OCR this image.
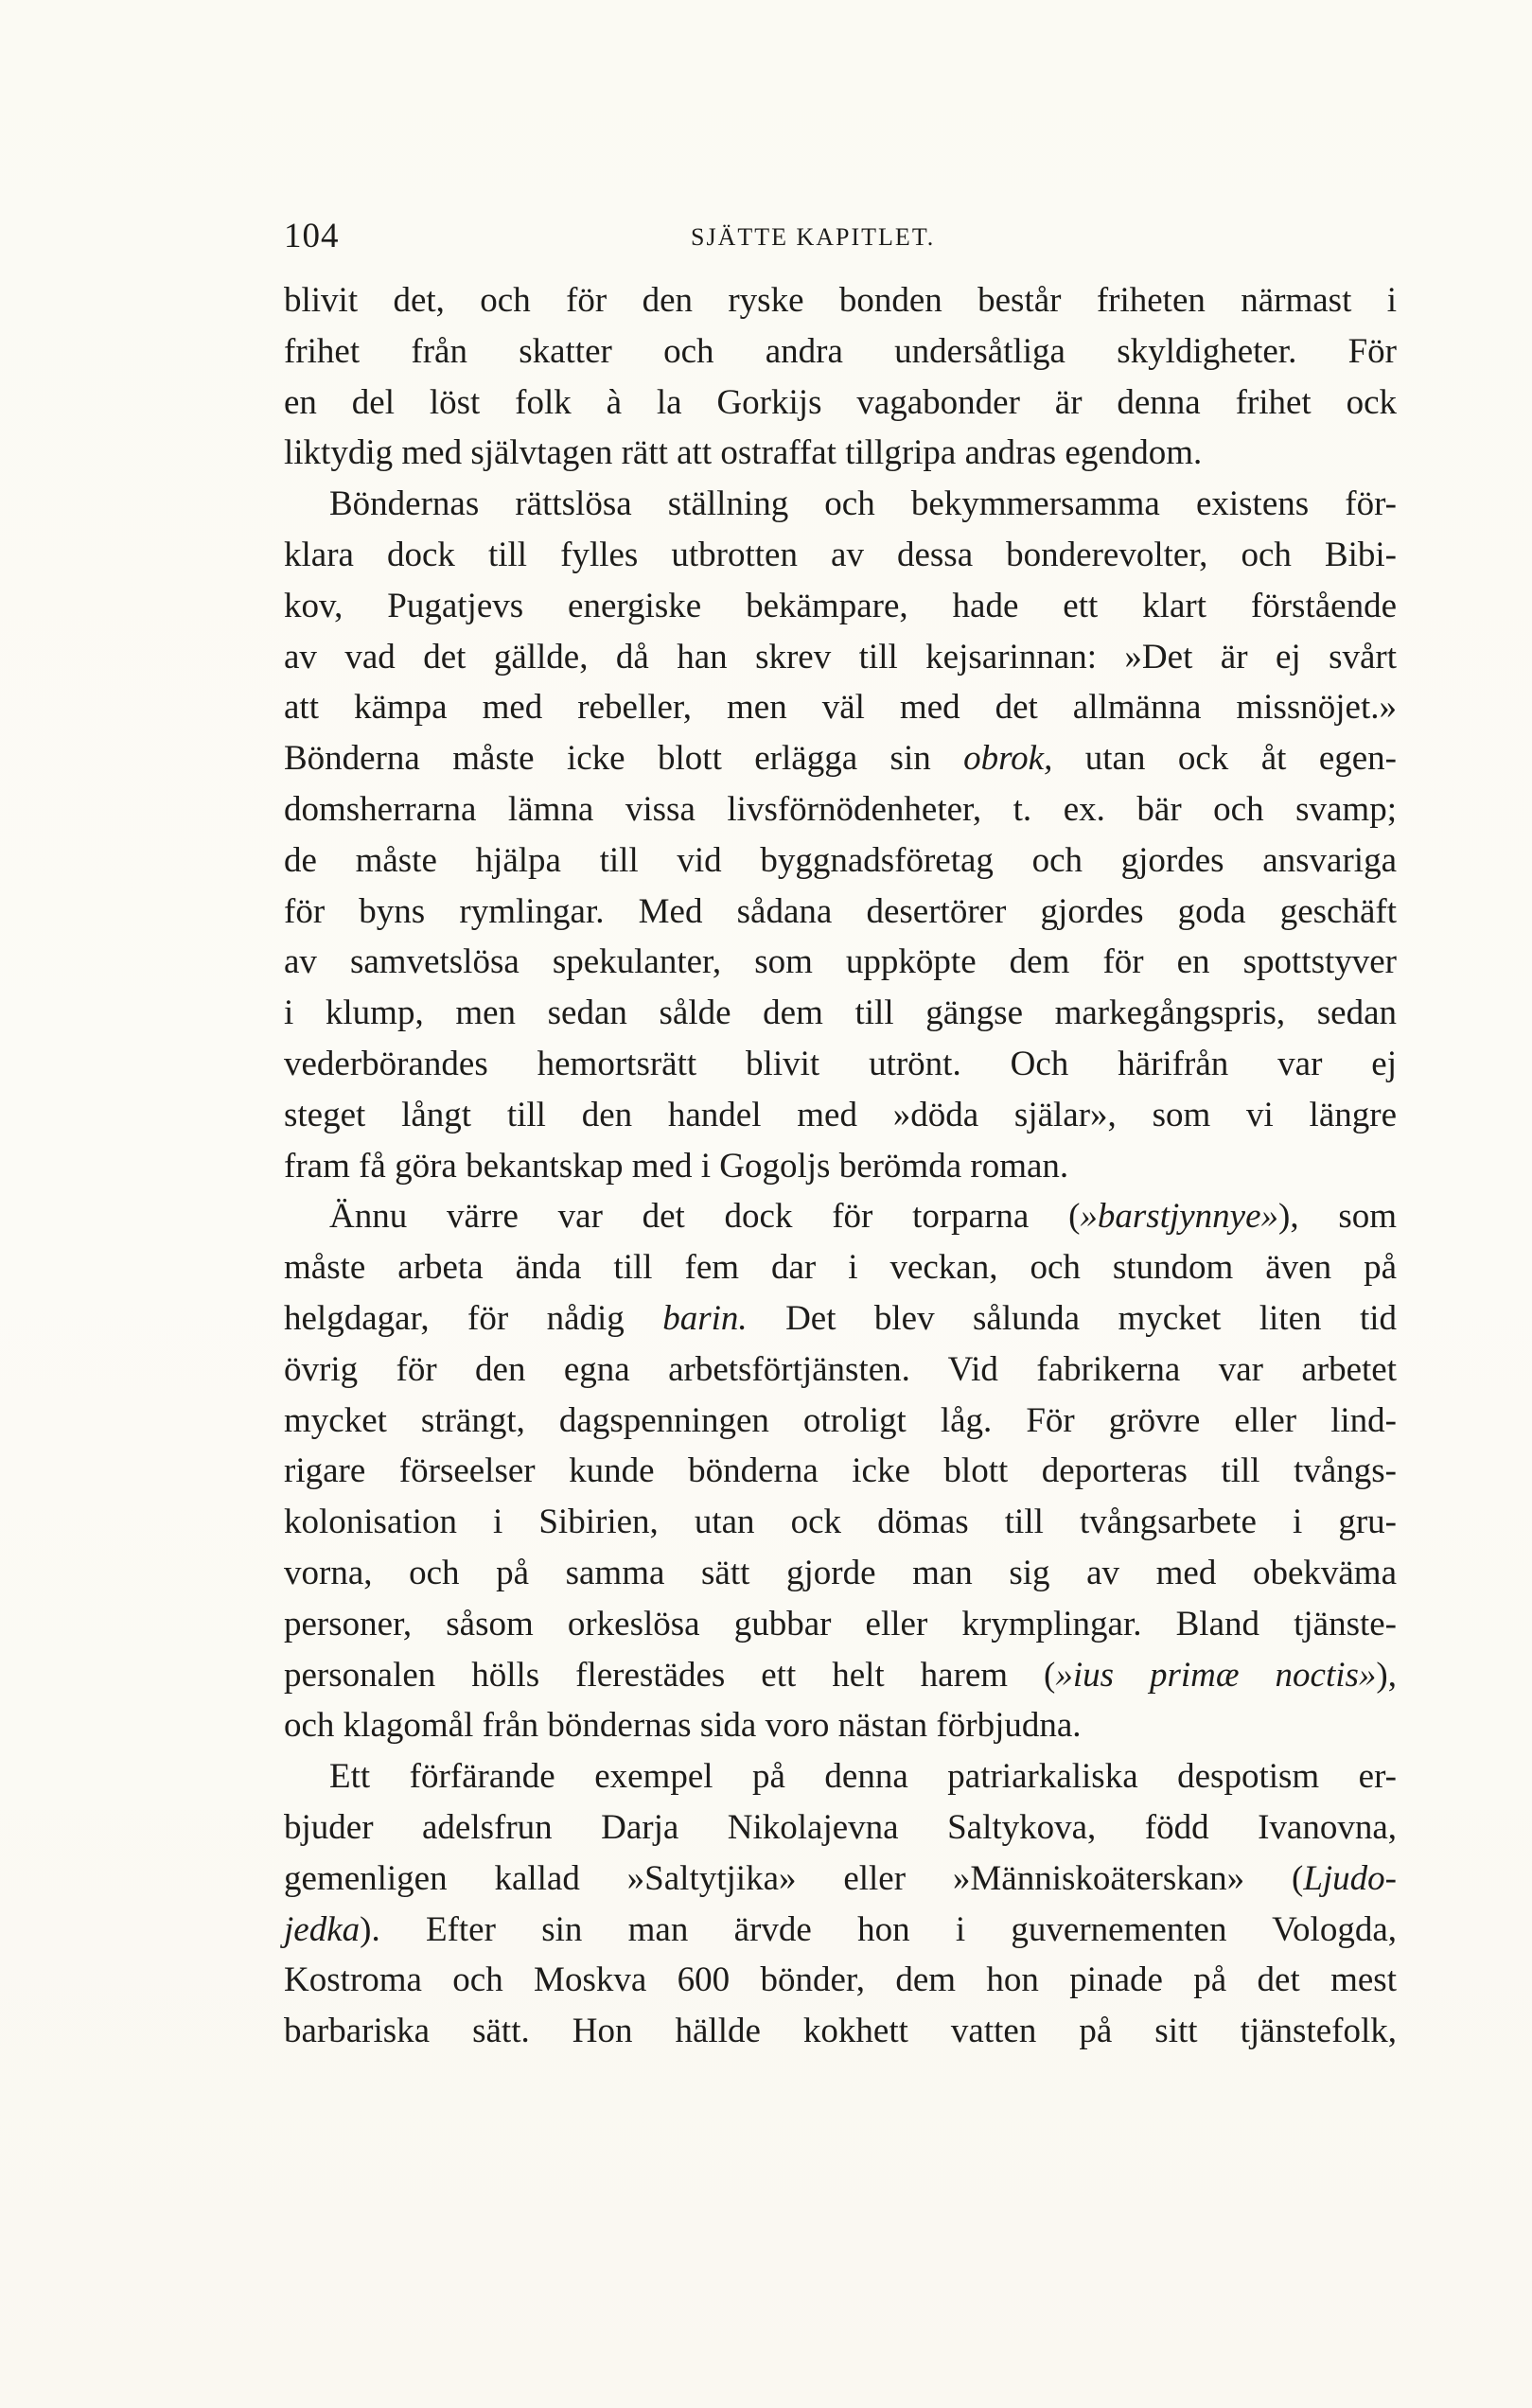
104	SJÄTTE KAPITLET.
blivit det, och för den ryske bonden består friheten närmast i
frihet från skatter och andra undersåtliga skyldigheter. För
en del löst folk à la Gorkijs vagabonder är denna frihet ock
liktydig med självtagen rätt att ostraffat tillgripa andras egendom.
Böndernas rättslösa ställning och bekymmersamma existens för-
klara dock till fylles utbrotten av dessa bonderevolter, och Bibi-
kov, Pugatjevs energiske bekämpare, hade ett klart förstående
av vad det gällde, då han skrev till kejsarinnan: »Det är ej svårt
att kämpa med rebeller, men väl med det allmänna missnöjet.»
Bönderna måste icke blott erlägga sin obrok, utan ock åt egen-
domsherrarna lämna vissa livsförnödenheter, t. ex. bär och svamp;
de måste hjälpa till vid byggnadsföretag och gjordes ansvariga
för byns rymlingar. Med sådana desertörer gjordes goda geschäft
av samvetslösa spekulanter, som uppköpte dem för en spottstyver
i klump, men sedan sålde dem till gängse markegångspris, sedan
vederbörandes hemortsrätt blivit utrönt. Och härifrån var ej
steget långt till den handel med »döda själar», som vi längre
fram få göra bekantskap med i Gogoljs berömda roman.
Ännu värre var det dock för torparna (»barstjynnye»), som
måste arbeta ända till fem dar i veckan, och stundom även på
helgdagar, för nådig barin. Det blev sålunda mycket liten tid
övrig för den egna arbetsförtjänsten. Vid fabrikerna var arbetet
mycket strängt, dagspenningen otroligt låg. För grövre eller lind-
rigare förseelser kunde bönderna icke blott deporteras till tvångs-
kolonisation i Sibirien, utan ock dömas till tvångsarbete i gru-
vorna, och på samma sätt gjorde man sig av med obekväma
personer, såsom orkeslösa gubbar eller krymplingar. Bland tjänste-
personalen hölls flerestädes ett helt harem (»ius primæ noctis»),
och klagomål från böndernas sida voro nästan förbjudna.
Ett förfärande exempel på denna patriarkaliska despotism er-
bjuder adelsfrun Darja Nikolajevna Saltykova, född Ivanovna,
gemenligen kallad »Saltytjika» eller »Människoäterskan» (Ljudo-
jedka). Efter sin man ärvde hon i guvernementen Vologda,
Kostroma och Moskva 600 bönder, dem hon pinade på det mest
barbariska sätt. Hon hällde kokhett vatten på sitt tjänstefolk,
